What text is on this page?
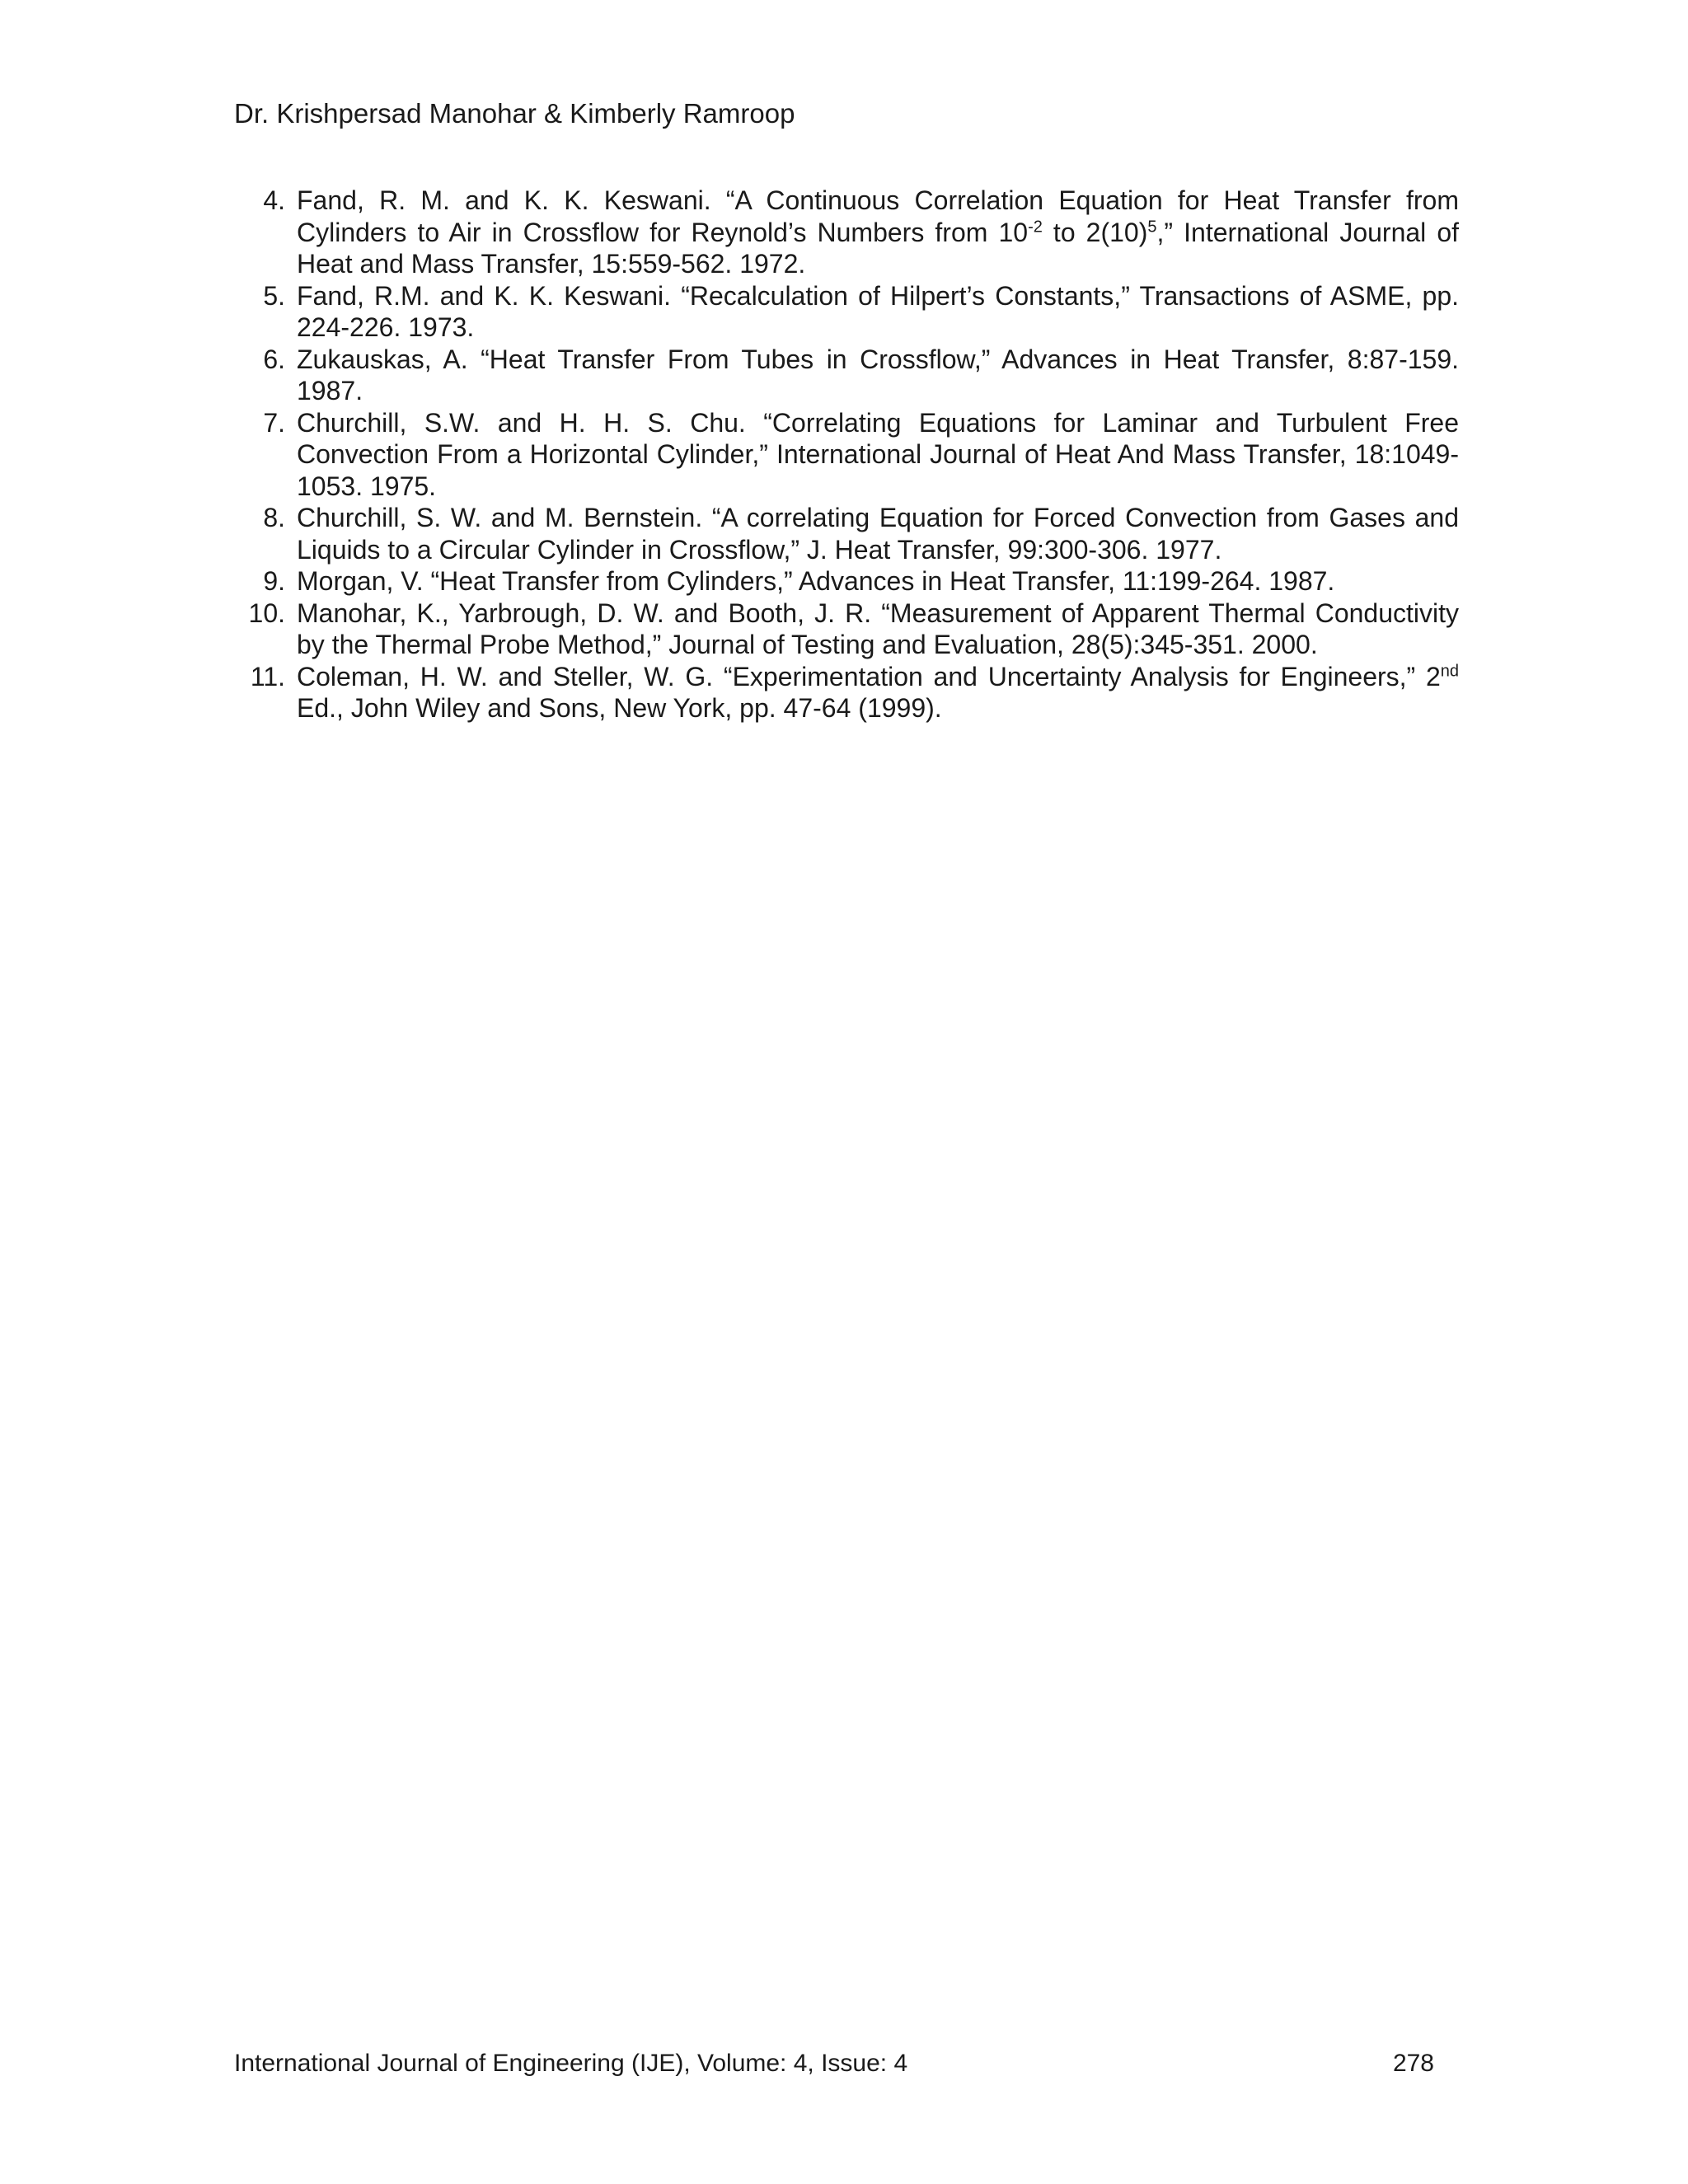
Dr. Krishpersad Manohar & Kimberly Ramroop
4. Fand, R. M. and K. K. Keswani. “A Continuous Correlation Equation for Heat Transfer from Cylinders to Air in Crossflow for Reynold’s Numbers from $10^{-2}$ to $2(10)^5$,” International Journal of Heat and Mass Transfer, 15:559-562. 1972.
5. Fand, R.M. and K. K. Keswani. “Recalculation of Hilpert’s Constants,” Transactions of ASME, pp. 224-226. 1973.
6. Zukauskas, A. “Heat Transfer From Tubes in Crossflow,” Advances in Heat Transfer, 8:87-159. 1987.
7. Churchill, S.W. and H. H. S. Chu. “Correlating Equations for Laminar and Turbulent Free Convection From a Horizontal Cylinder,” International Journal of Heat And Mass Transfer, 18:1049-1053. 1975.
8. Churchill, S. W. and M. Bernstein. “A correlating Equation for Forced Convection from Gases and Liquids to a Circular Cylinder in Crossflow,” J. Heat Transfer, 99:300-306. 1977.
9. Morgan, V. “Heat Transfer from Cylinders,” Advances in Heat Transfer, 11:199-264. 1987.
10. Manohar, K., Yarbrough, D. W. and Booth, J. R. “Measurement of Apparent Thermal Conductivity by the Thermal Probe Method,” Journal of Testing and Evaluation, 28(5):345-351. 2000.
11. Coleman, H. W. and Steller, W. G. “Experimentation and Uncertainty Analysis for Engineers,” 2nd Ed., John Wiley and Sons, New York, pp. 47-64 (1999).
International Journal of Engineering (IJE), Volume: 4, Issue: 4	278
